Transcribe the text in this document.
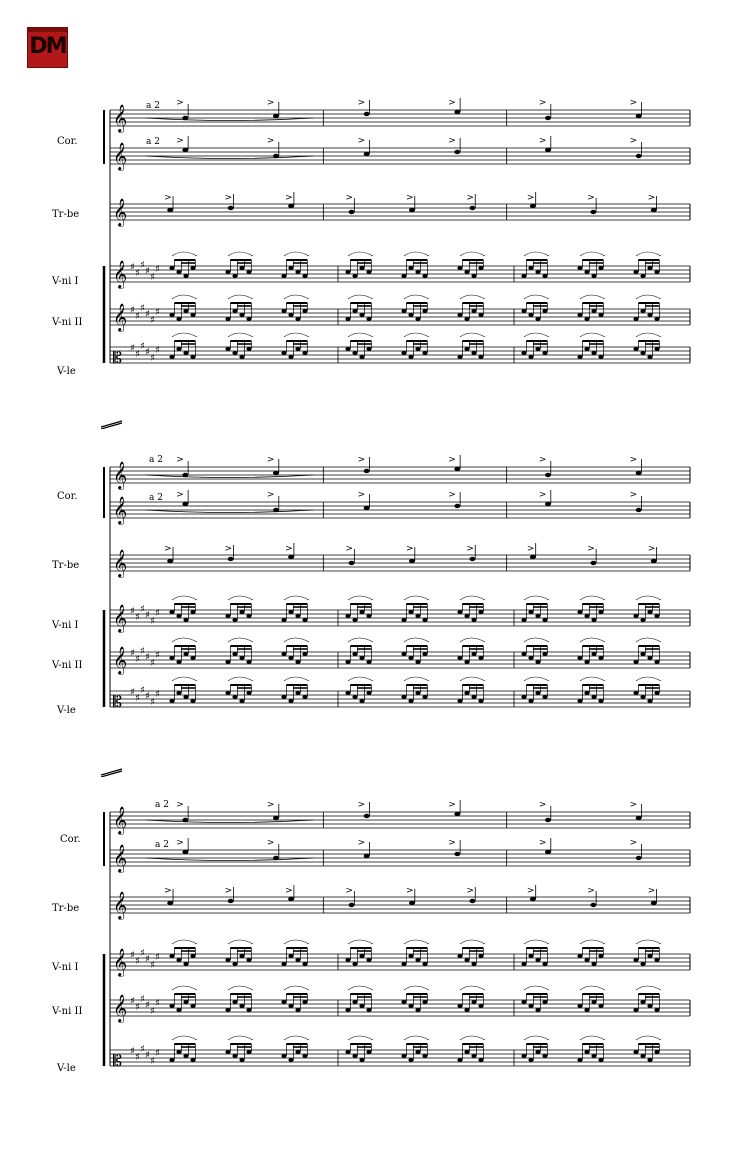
DM
Cor.
Tr-be
V-ni I
V-ni II
V-le
a 2
a 2
𝄞
>	>	>	>	>	>
𝄞
>	>	>	>	>	>
𝄞	>	>	>	>	>	>	>	>	>
𝄞 ♯
♯
♯
♯
♯
♯
𝄞 ♯
♯
♯
♯
♯
♯
𝄡 ♯
♯
♯
♯
♯
♯
Cor.
Tr-be
V-ni I
V-ni II
V-le
a 2
a 2
𝄞
>	>	>	>	>	>
𝄞
>	>	>	>	>	>
𝄞	>	>	>	>	>	>	>	>	>
𝄞 ♯
♯
♯
♯
♯
♯
𝄞 ♯
♯
♯
♯
♯
♯
𝄡 ♯
♯
♯
♯
♯
♯
Cor.
Tr-be
V-ni I
V-ni II
V-le
a 2
a 2
𝄞
>	>	>	>	>	>
𝄞
>	>	>	>	>	>
𝄞	>	>	>	>	>	>	>	>	>
𝄞 ♯
♯
♯
♯
♯
♯
𝄞 ♯
♯
♯
♯
♯
♯
𝄡 ♯
♯
♯
♯
♯
♯
